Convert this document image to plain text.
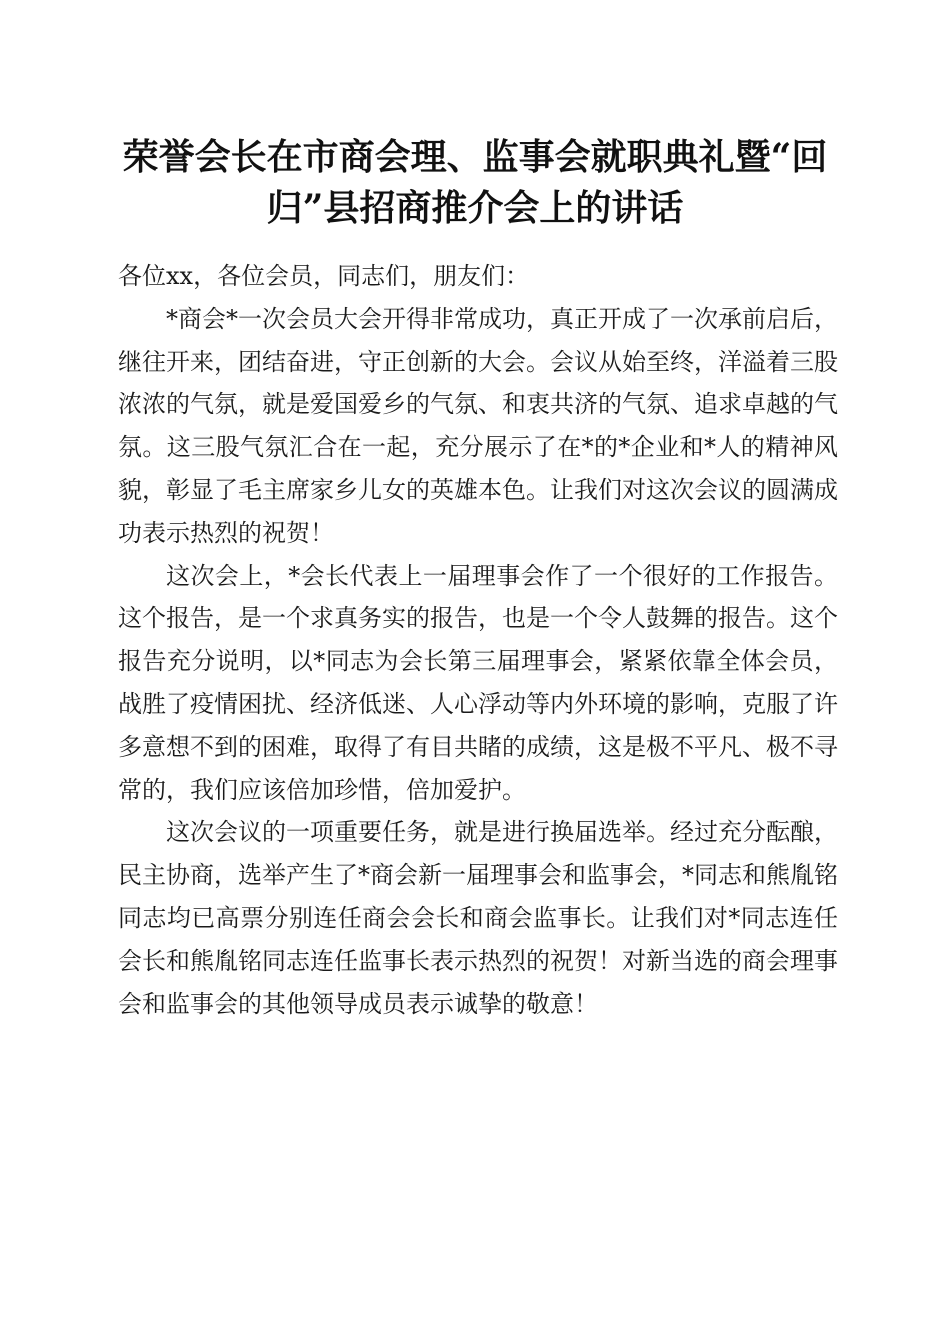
荣誉会长在市商会理、监事会就职典礼暨“回归”县招商推介会上的讲话

各位xx，各位会员，同志们，朋友们：

*商会*一次会员大会开得非常成功，真正开成了一次承前启后，继往开来，团结奋进，守正创新的大会。会议从始至终，洋溢着三股浓浓的气氛，就是爱国爱乡的气氛、和衷共济的气氛、追求卓越的气氛。这三股气氛汇合在一起，充分展示了在*的*企业和*人的精神风貌，彰显了毛主席家乡儿女的英雄本色。让我们对这次会议的圆满成功表示热烈的祝贺！

这次会上，*会长代表上一届理事会作了一个很好的工作报告。这个报告，是一个求真务实的报告，也是一个令人鼓舞的报告。这个报告充分说明，以*同志为会长第三届理事会，紧紧依靠全体会员，战胜了疫情困扰、经济低迷、人心浮动等内外环境的影响，克服了许多意想不到的困难，取得了有目共睹的成绩，这是极不平凡、极不寻常的，我们应该倍加珍惜，倍加爱护。

这次会议的一项重要任务，就是进行换届选举。经过充分酝酿，民主协商，选举产生了*商会新一届理事会和监事会，*同志和熊胤铭同志均已高票分别连任商会会长和商会监事长。让我们对*同志连任会长和熊胤铭同志连任监事长表示热烈的祝贺！对新当选的商会理事会和监事会的其他领导成员表示诚挚的敬意！
